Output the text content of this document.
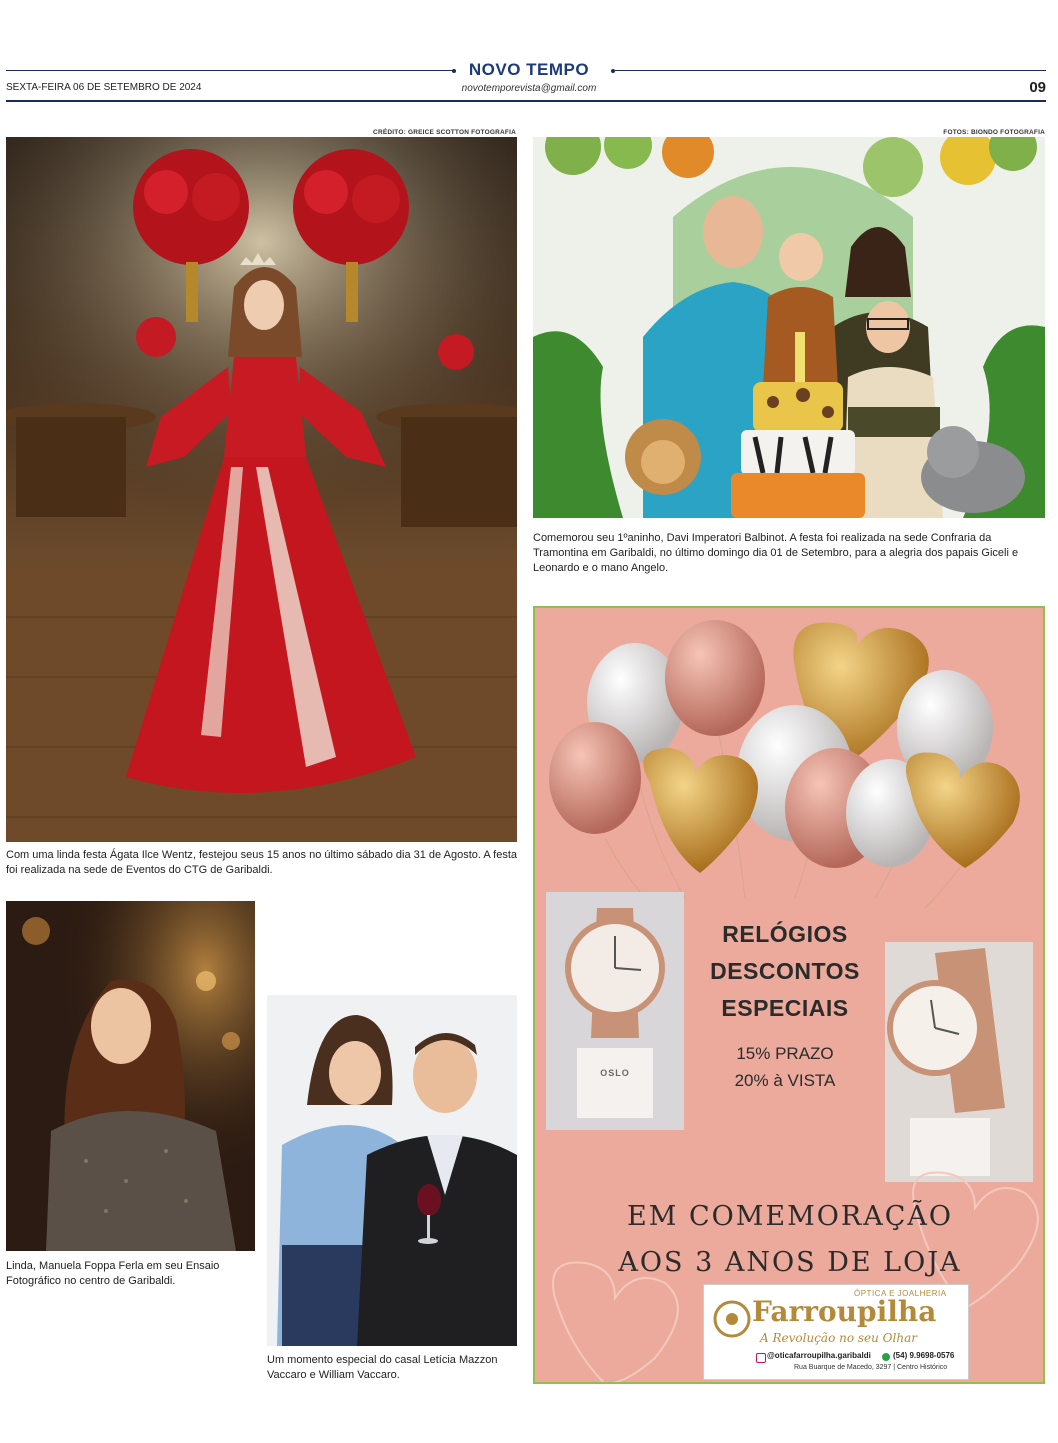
NOVO TEMPO
novotemporevista@gmail.com
SEXTA-FEIRA 06 DE SETEMBRO DE 2024	09
CRÉDITO: GREICE SCOTTON FOTOGRAFIA
Com uma linda festa Ágata Ilce Wentz, festejou seus 15 anos no último sábado dia 31 de Agosto. A festa foi realizada na sede de Eventos do CTG de Garibaldi.
FOTOS: BIONDO FOTOGRAFIA
Comemorou seu 1ºaninho, Davi Imperatori Balbinot. A festa foi realizada na sede Confraria da Tramontina em Garibaldi, no último domingo dia 01 de Setembro, para a alegria dos papais Giceli e Leonardo e o mano Angelo.
Linda, Manuela Foppa Ferla em seu Ensaio Fotográfico no centro de Garibaldi.
Um momento especial do casal Letícia Mazzon Vaccaro e William Vaccaro.
OSLO
RELÓGIOS
DESCONTOS
ESPECIAIS
15% PRAZO
20% à VISTA
EM COMEMORAÇÃO
AOS 3 ANOS DE LOJA
ÓPTICA E JOALHERIA
Farroupilha
A Revolução no seu Olhar
@oticafarroupilha.garibaldi	(54) 9.9698-0576
Rua Buarque de Macedo, 3297 | Centro Histórico
